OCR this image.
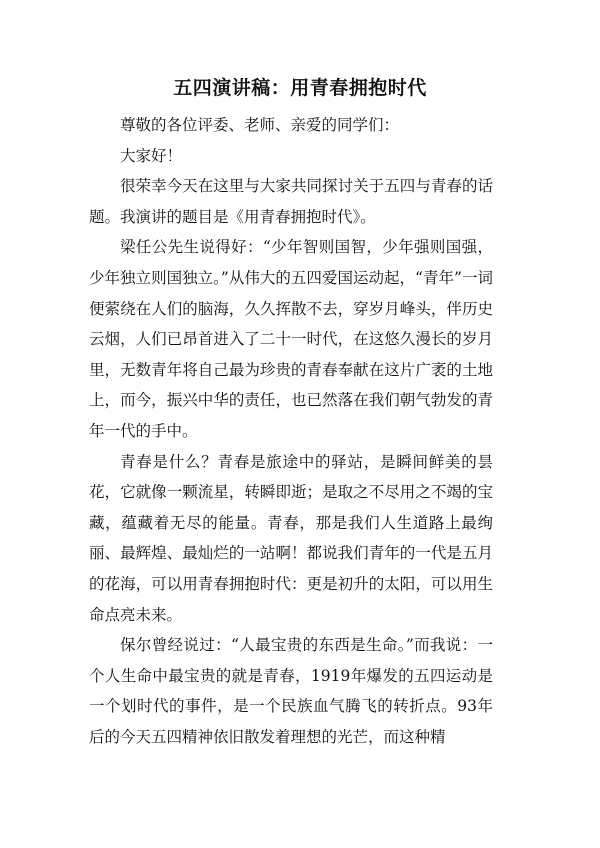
五四演讲稿：用青春拥抱时代

尊敬的各位评委、老师、亲爱的同学们：

大家好！

很荣幸今天在这里与大家共同探讨关于五四与青春的话题。我演讲的题目是《用青春拥抱时代》。

梁任公先生说得好：“少年智则国智，少年强则国强，少年独立则国独立。”从伟大的五四爱国运动起，“青年”一词便萦绕在人们的脑海，久久挥散不去，穿岁月峰头，伴历史云烟，人们已昂首进入了二十一时代，在这悠久漫长的岁月里，无数青年将自己最为珍贵的青春奉献在这片广袤的土地上，而今，振兴中华的责任，也已然落在我们朝气勃发的青年一代的手中。

青春是什么？青春是旅途中的驿站，是瞬间鲜美的昙花，它就像一颗流星，转瞬即逝；是取之不尽用之不竭的宝藏，蕴藏着无尽的能量。青春，那是我们人生道路上最绚丽、最辉煌、最灿烂的一站啊！都说我们青年的一代是五月的花海，可以用青春拥抱时代：更是初升的太阳，可以用生命点亮未来。

保尔曾经说过：“人最宝贵的东西是生命。”而我说：一个人生命中最宝贵的就是青春，1919年爆发的五四运动是一个划时代的事件，是一个民族血气腾飞的转折点。93年后的今天五四精神依旧散发着理想的光芒，而这种精
